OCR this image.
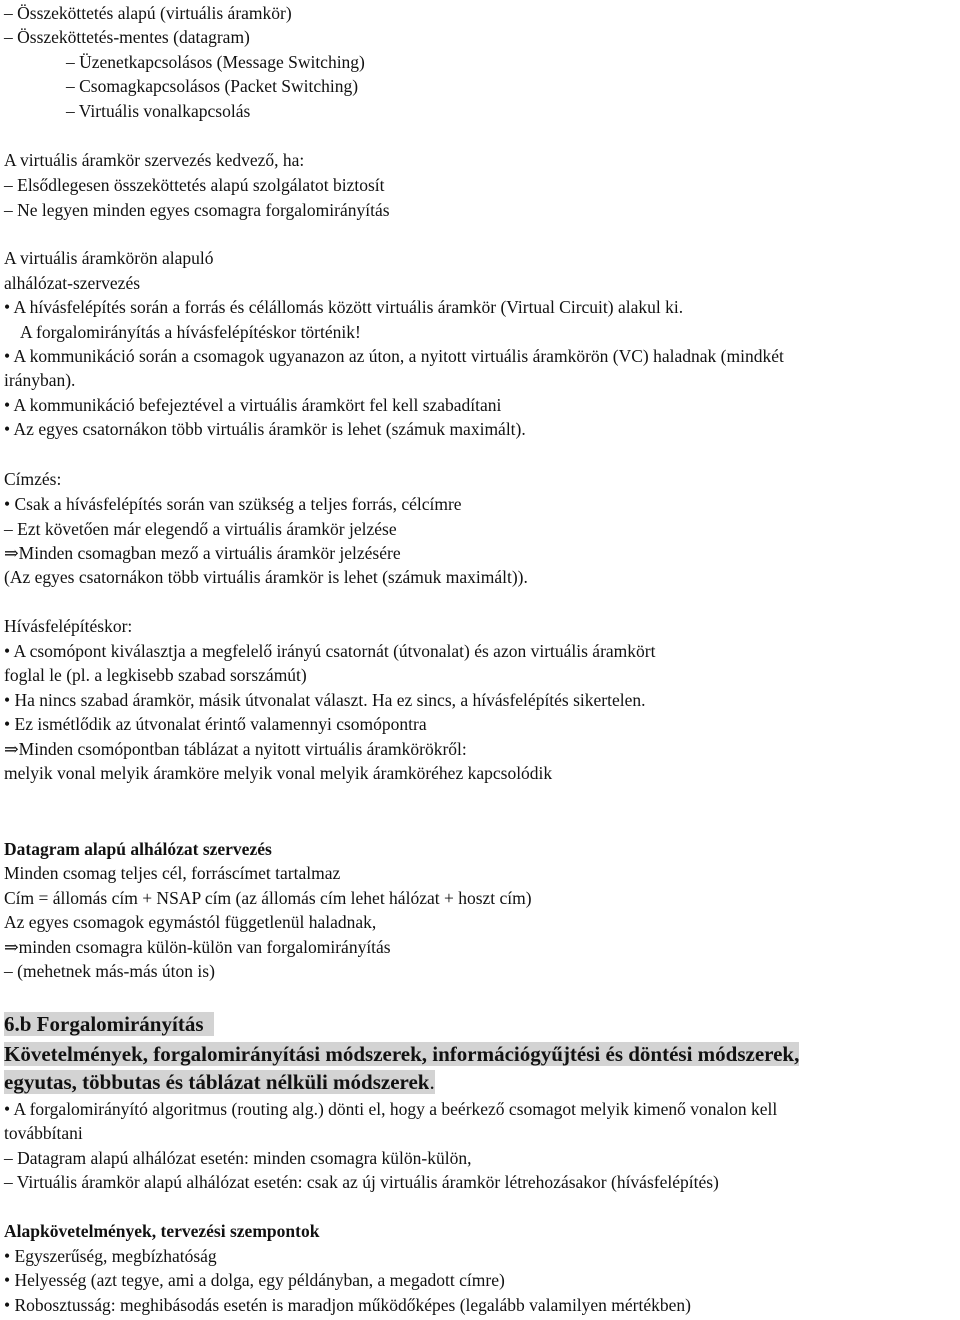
– Összeköttetés alapú (virtuális áramkör)
– Összeköttetés-mentes (datagram)
– Üzenetkapcsolásos (Message Switching)
– Csomagkapcsolásos (Packet Switching)
– Virtuális vonalkapcsolás
A virtuális áramkör szervezés kedvező, ha:
– Elsődlegesen összeköttetés alapú szolgálatot biztosít
– Ne legyen minden egyes csomagra forgalomirányítás
A virtuális áramkörön alapuló
alhálózat-szervezés
• A hívásfelépítés során a forrás és célállomás között virtuális áramkör (Virtual Circuit) alakul ki.
A forgalomirányítás a hívásfelépítéskor történik!
• A kommunikáció során a csomagok ugyanazon az úton, a nyitott virtuális áramkörön (VC) haladnak (mindkét
irányban).
• A kommunikáció befejeztével a virtuális áramkört fel kell szabadítani
• Az egyes csatornákon több virtuális áramkör is lehet (számuk maximált).
Címzés:
• Csak a hívásfelépítés során van szükség a teljes forrás, célcímre
– Ezt követően már elegendő a virtuális áramkör jelzése
⇒Minden csomagban mező a virtuális áramkör jelzésére
(Az egyes csatornákon több virtuális áramkör is lehet (számuk maximált)).
Hívásfelépítéskor:
• A csomópont kiválasztja a megfelelő irányú csatornát (útvonalat) és azon virtuális áramkört
foglal le (pl. a legkisebb szabad sorszámút)
• Ha nincs szabad áramkör, másik útvonalat választ. Ha ez sincs, a hívásfelépítés sikertelen.
• Ez ismétlődik az útvonalat érintő valamennyi csomópontra
⇒Minden csomópontban táblázat a nyitott virtuális áramkörökről:
melyik vonal melyik áramköre melyik vonal melyik áramköréhez kapcsolódik
Datagram alapú alhálózat szervezés
Minden csomag teljes cél, forráscímet tartalmaz
Cím = állomás cím + NSAP cím (az állomás cím lehet hálózat + hoszt cím)
Az egyes csomagok egymástól függetlenül haladnak,
⇒minden csomagra külön-külön van forgalomirányítás
– (mehetnek más-más úton is)
6.b Forgalomirányítás
Követelmények, forgalomirányítási módszerek, információgyűjtési és döntési módszerek,
egyutas, többutas és táblázat nélküli módszerek.
• A forgalomirányító algoritmus (routing alg.) dönti el, hogy a beérkező csomagot melyik kimenő vonalon kell
továbbítani
– Datagram alapú alhálózat esetén: minden csomagra külön-külön,
– Virtuális áramkör alapú alhálózat esetén: csak az új virtuális áramkör létrehozásakor (hívásfelépítés)
Alapkövetelmények, tervezési szempontok
• Egyszerűség, megbízhatóság
• Helyesség (azt tegye, ami a dolga, egy példányban, a megadott címre)
• Robosztusság: meghibásodás esetén is maradjon működőképes (legalább valamilyen mértékben)
